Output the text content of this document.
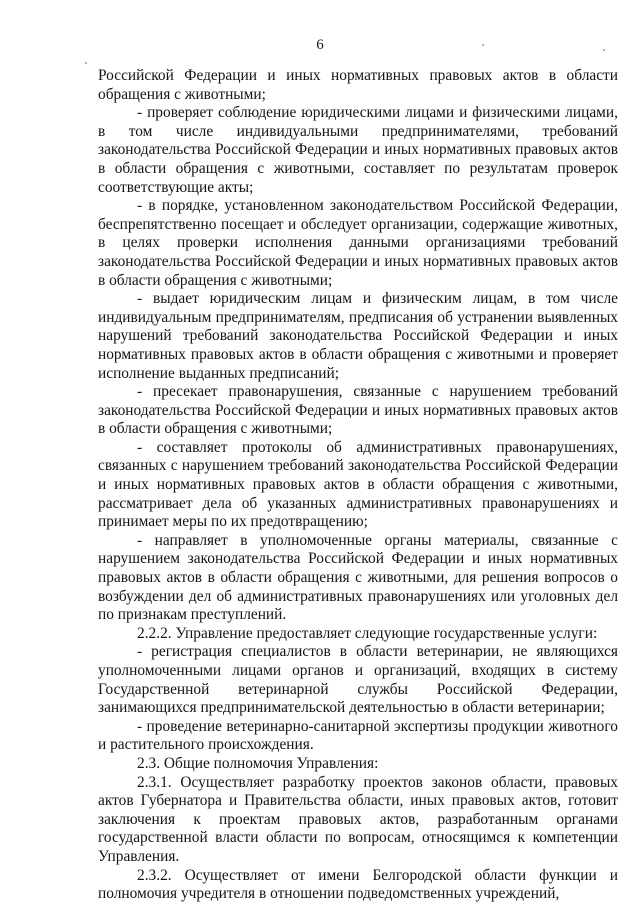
6

Российской Федерации и иных нормативных правовых актов в области обращения с животными;

- проверяет соблюдение юридическими лицами и физическими лицами, в том числе индивидуальными предпринимателями, требований законодательства Российской Федерации и иных нормативных правовых актов в области обращения с животными, составляет по результатам проверок соответствующие акты;

- в порядке, установленном законодательством Российской Федерации, беспрепятственно посещает и обследует организации, содержащие животных, в целях проверки исполнения данными организациями требований законодательства Российской Федерации и иных нормативных правовых актов в области обращения с животными;

- выдает юридическим лицам и физическим лицам, в том числе индивидуальным предпринимателям, предписания об устранении выявленных нарушений требований законодательства Российской Федерации и иных нормативных правовых актов в области обращения с животными и проверяет исполнение выданных предписаний;

- пресекает правонарушения, связанные с нарушением требований законодательства Российской Федерации и иных нормативных правовых актов в области обращения с животными;

- составляет протоколы об административных правонарушениях, связанных с нарушением требований законодательства Российской Федерации и иных нормативных правовых актов в области обращения с животными, рассматривает дела об указанных административных правонарушениях и принимает меры по их предотвращению;

- направляет в уполномоченные органы материалы, связанные с нарушением законодательства Российской Федерации и иных нормативных правовых актов в области обращения с животными, для решения вопросов о возбуждении дел об административных правонарушениях или уголовных дел по признакам преступлений.

2.2.2. Управление предоставляет следующие государственные услуги:

- регистрация специалистов в области ветеринарии, не являющихся уполномоченными лицами органов и организаций, входящих в систему Государственной ветеринарной службы Российской Федерации, занимающихся предпринимательской деятельностью в области ветеринарии;

- проведение ветеринарно-санитарной экспертизы продукции животного и растительного происхождения.

2.3. Общие полномочия Управления:

2.3.1. Осуществляет разработку проектов законов области, правовых актов Губернатора и Правительства области, иных правовых актов, готовит заключения к проектам правовых актов, разработанным органами государственной власти области по вопросам, относящимся к компетенции Управления.

2.3.2. Осуществляет от имени Белгородской области функции и полномочия учредителя в отношении подведомственных учреждений,
